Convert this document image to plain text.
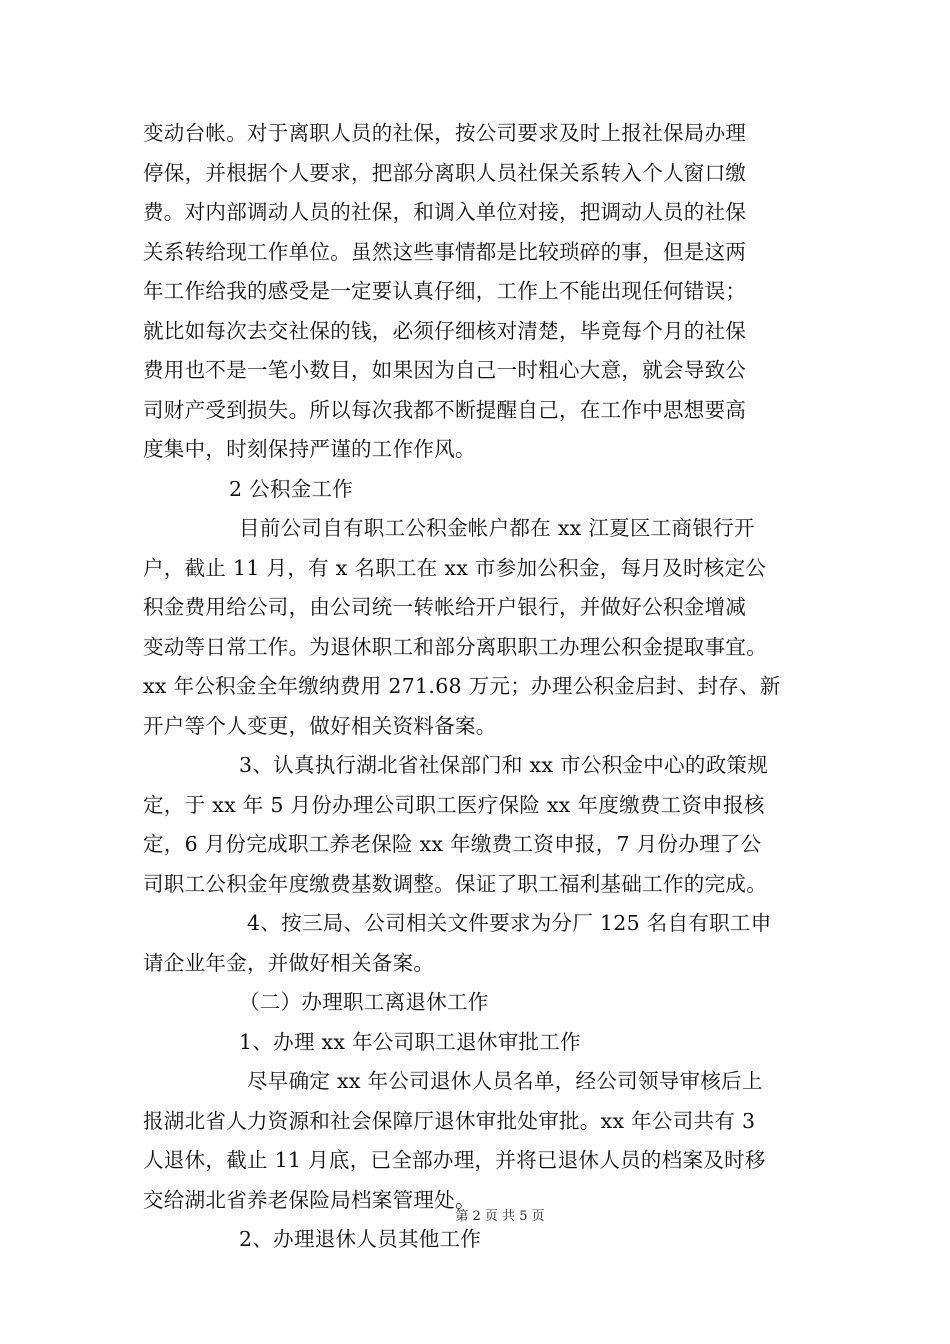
变动台帐。对于离职人员的社保，按公司要求及时上报社保局办理
停保，并根据个人要求，把部分离职人员社保关系转入个人窗口缴
费。对内部调动人员的社保，和调入单位对接，把调动人员的社保
关系转给现工作单位。虽然这些事情都是比较琐碎的事，但是这两
年工作给我的感受是一定要认真仔细，工作上不能出现任何错误；
就比如每次去交社保的钱，必须仔细核对清楚，毕竟每个月的社保
费用也不是一笔小数目，如果因为自己一时粗心大意，就会导致公
司财产受到损失。所以每次我都不断提醒自己，在工作中思想要高
度集中，时刻保持严谨的工作作风。
2 公积金工作
目前公司自有职工公积金帐户都在 xx 江夏区工商银行开
户，截止 11 月，有 x 名职工在 xx 市参加公积金，每月及时核定公
积金费用给公司，由公司统一转帐给开户银行，并做好公积金增减
变动等日常工作。为退休职工和部分离职职工办理公积金提取事宜。
xx 年公积金全年缴纳费用 271.68 万元；办理公积金启封、封存、新
开户等个人变更，做好相关资料备案。
3、认真执行湖北省社保部门和 xx 市公积金中心的政策规
定，于 xx 年 5 月份办理公司职工医疗保险 xx 年度缴费工资申报核
定，6 月份完成职工养老保险 xx 年缴费工资申报，7 月份办理了公
司职工公积金年度缴费基数调整。保证了职工福利基础工作的完成。
4、按三局、公司相关文件要求为分厂 125 名自有职工申
请企业年金，并做好相关备案。
（二）办理职工离退休工作
1、办理 xx 年公司职工退休审批工作
尽早确定 xx 年公司退休人员名单，经公司领导审核后上
报湖北省人力资源和社会保障厅退休审批处审批。xx 年公司共有 3
人退休，截止 11 月底，已全部办理，并将已退休人员的档案及时移
交给湖北省养老保险局档案管理处。
2、办理退休人员其他工作
第 2 页 共 5 页
